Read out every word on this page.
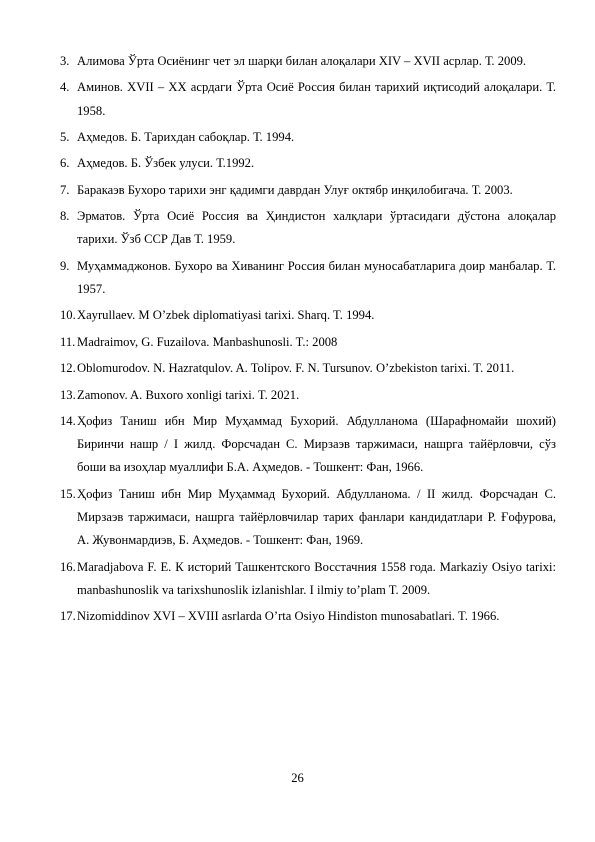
3. Алимова Ўрта Осиёнинг чет эл шарқи билан алоқалари XIV – XVII асрлар. Т. 2009.
4. Аминов. XVII – XX асрдаги Ўрта Осиё Россия билан тарихий иқтисодий алоқалари. Т. 1958.
5. Аҳмедов. Б. Тарихдан сабоқлар. Т. 1994.
6. Аҳмедов. Б. Ўзбек улуси. Т.1992.
7. Баракаэв Бухоро тарихи энг қадимги даврдан Улуғ октябр инқилобигача. Т. 2003.
8. Эрматов. Ўрта Осиё Россия ва Ҳиндистон халқлари ўртасидаги дўстона алоқалар тарихи. Ўзб ССР Дав Т. 1959.
9. Муҳаммаджонов. Бухоро ва Хиванинг Россия билан муносабатларига доир манбалар. Т. 1957.
10. Xayrullaev. M O’zbek diplomatiyasi tarixi. Sharq. T. 1994.
11. Madraimov, G. Fuzailova. Manbashunosli. T.: 2008
12. Oblomurodov. N. Hazratqulov. A. Tolipov. F. N. Tursunov. O’zbekiston tarixi. T. 2011.
13. Zamonov. A. Buxoro xonligi tarixi. T. 2021.
14. Ҳофиз Таниш ибн Мир Муҳаммад Бухорий. Абдулланома (Шарафномайи шохий) Биринчи нашр / I жилд. Форсчадан С. Мирзаэв таржимаси, нашрга тайёрловчи, сўз боши ва изоҳлар муаллифи Б.А. Аҳмедов. - Тошкент: Фан, 1966.
15. Ҳофиз Таниш ибн Мир Муҳаммад Бухорий. Абдулланома. / II жилд. Форсчадан С. Мирзаэв таржимаси, нашрга тайёрловчилар тарих фанлари кандидатлари Р. Ғофурова, А. Жувонмардиэв, Б. Аҳмедов. - Тошкент: Фан, 1969.
16. Maradjabova F. E. К историй Ташкентского Восстачния 1558 года. Markaziy Osiyo tarixi: manbashunoslik va tarixshunoslik izlanishlar. I ilmiy to’plam T. 2009.
17. Nizomiddinov XVI – XVIII asrlarda O’rta Osiyo Hindiston munosabatlari. T. 1966.
26
